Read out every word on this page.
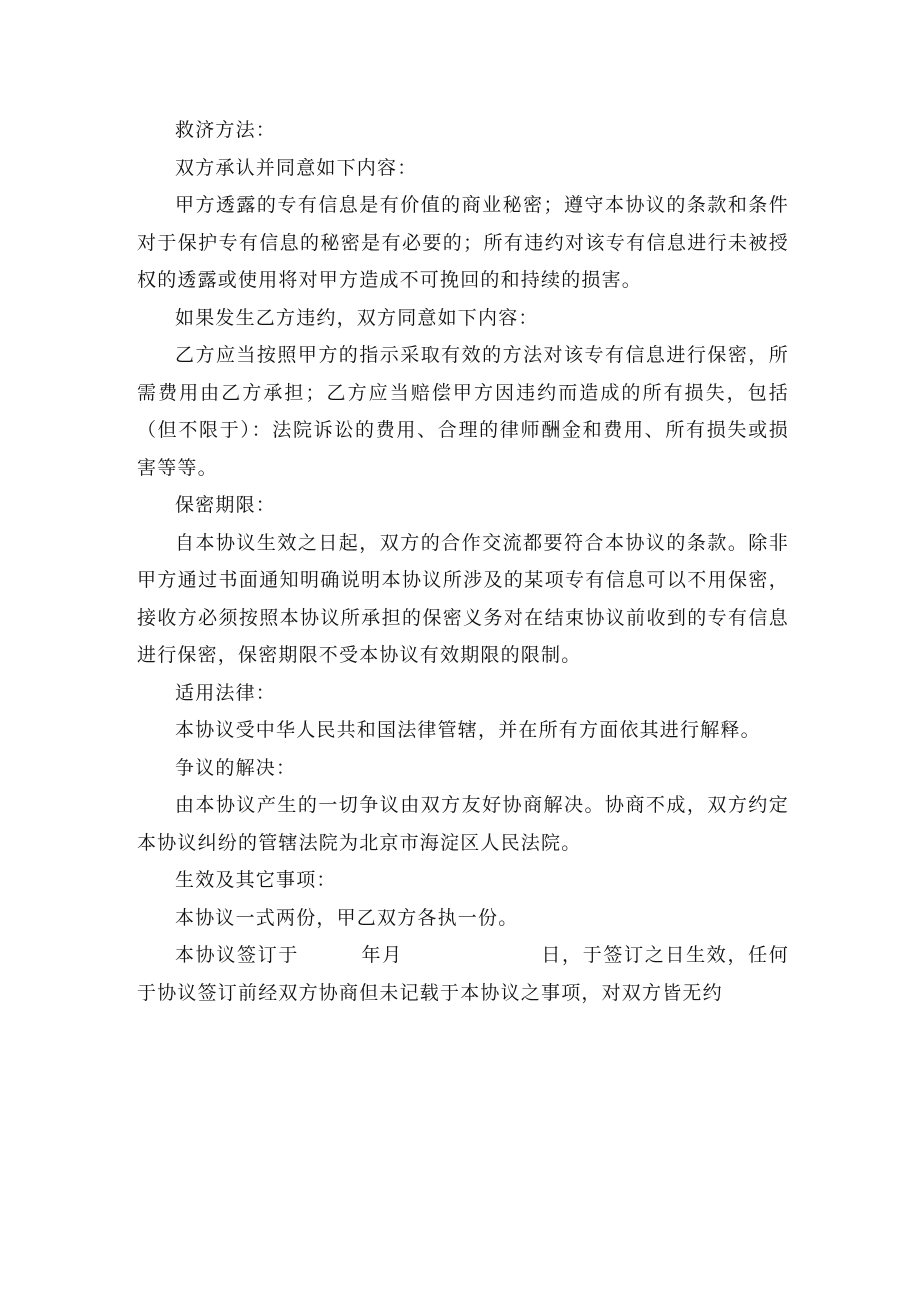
救济方法：

双方承认并同意如下内容：

甲方透露的专有信息是有价值的商业秘密；遵守本协议的条款和条件对于保护专有信息的秘密是有必要的；所有违约对该专有信息进行未被授权的透露或使用将对甲方造成不可挽回的和持续的损害。

如果发生乙方违约，双方同意如下内容：

乙方应当按照甲方的指示采取有效的方法对该专有信息进行保密，所需费用由乙方承担；乙方应当赔偿甲方因违约而造成的所有损失，包括（但不限于）：法院诉讼的费用、合理的律师酬金和费用、所有损失或损害等等。

保密期限：

自本协议生效之日起，双方的合作交流都要符合本协议的条款。除非甲方通过书面通知明确说明本协议所涉及的某项专有信息可以不用保密，接收方必须按照本协议所承担的保密义务对在结束协议前收到的专有信息进行保密，保密期限不受本协议有效期限的限制。

适用法律：

本协议受中华人民共和国法律管辖，并在所有方面依其进行解释。

争议的解决：

由本协议产生的一切争议由双方友好协商解决。协商不成，双方约定本协议纠纷的管辖法院为北京市海淀区人民法院。

生效及其它事项：

本协议一式两份，甲乙双方各执一份。

本协议签订于	年月	日，于签订之日生效，任何于协议签订前经双方协商但未记载于本协议之事项，对双方皆无约
